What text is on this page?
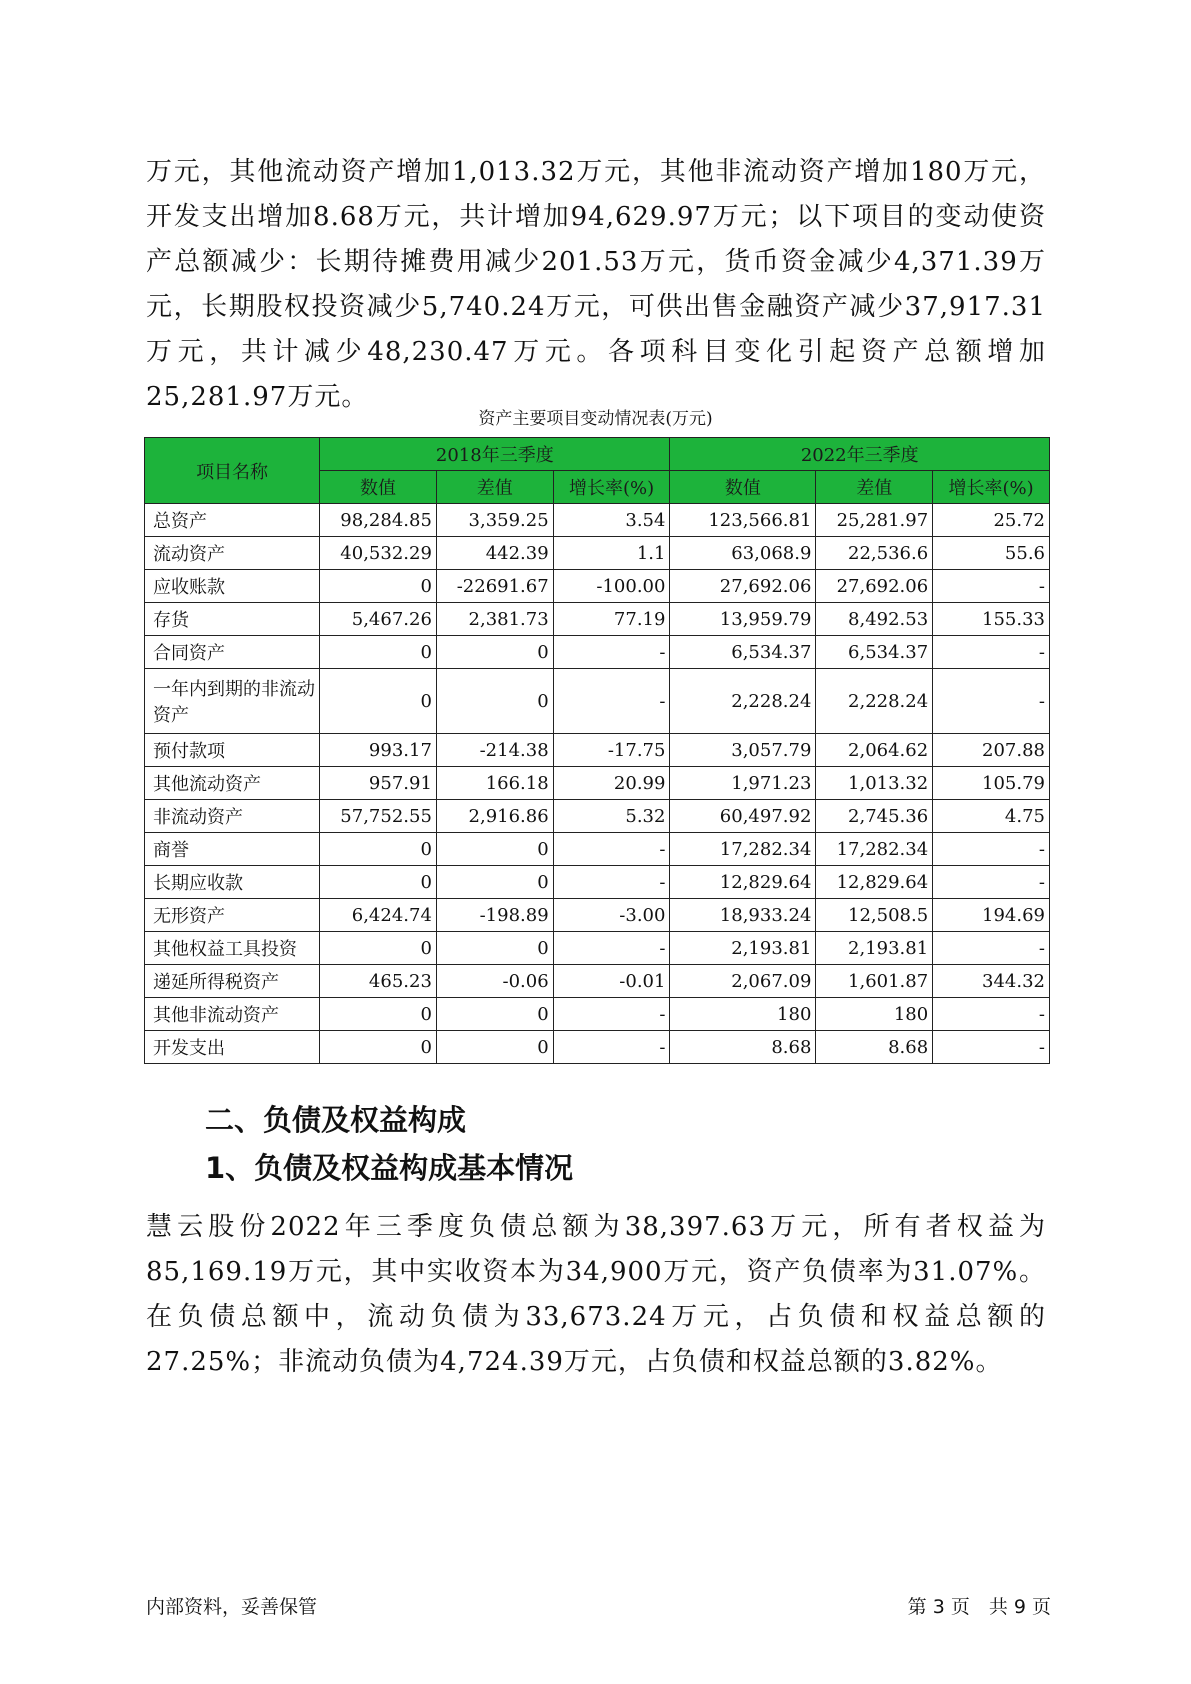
万元，其他流动资产增加1,013.32万元，其他非流动资产增加180万元，开发支出增加8.68万元，共计增加94,629.97万元；以下项目的变动使资产总额减少：长期待摊费用减少201.53万元，货币资金减少4,371.39万元，长期股权投资减少5,740.24万元，可供出售金融资产减少37,917.31万元，共计减少48,230.47万元。各项科目变化引起资产总额增加25,281.97万元。

资产主要项目变动情况表(万元)
项目名称	2018年三季度			2022年三季度		
	数值	差值	增长率(%)	数值	差值	增长率(%)
总资产	98,284.85	3,359.25	3.54	123,566.81	25,281.97	25.72
流动资产	40,532.29	442.39	1.1	63,068.9	22,536.6	55.6
应收账款	0	-22691.67	-100.00	27,692.06	27,692.06	-
存货	5,467.26	2,381.73	77.19	13,959.79	8,492.53	155.33
合同资产	0	0	-	6,534.37	6,534.37	-
一年内到期的非流动资产	0	0	-	2,228.24	2,228.24	-
预付款项	993.17	-214.38	-17.75	3,057.79	2,064.62	207.88
其他流动资产	957.91	166.18	20.99	1,971.23	1,013.32	105.79
非流动资产	57,752.55	2,916.86	5.32	60,497.92	2,745.36	4.75
商誉	0	0	-	17,282.34	17,282.34	-
长期应收款	0	0	-	12,829.64	12,829.64	-
无形资产	6,424.74	-198.89	-3.00	18,933.24	12,508.5	194.69
其他权益工具投资	0	0	-	2,193.81	2,193.81	-
递延所得税资产	465.23	-0.06	-0.01	2,067.09	1,601.87	344.32
其他非流动资产	0	0	-	180	180	-
开发支出	0	0	-	8.68	8.68	-
二、负债及权益构成
1、负债及权益构成基本情况

慧云股份2022年三季度负债总额为38,397.63万元，所有者权益为85,169.19万元，其中实收资本为34,900万元，资产负债率为31.07%。在负债总额中，流动负债为33,673.24万元，占负债和权益总额的27.25%；非流动负债为4,724.39万元，占负债和权益总额的3.82%。

内部资料，妥善保管	第 3 页　共 9 页
